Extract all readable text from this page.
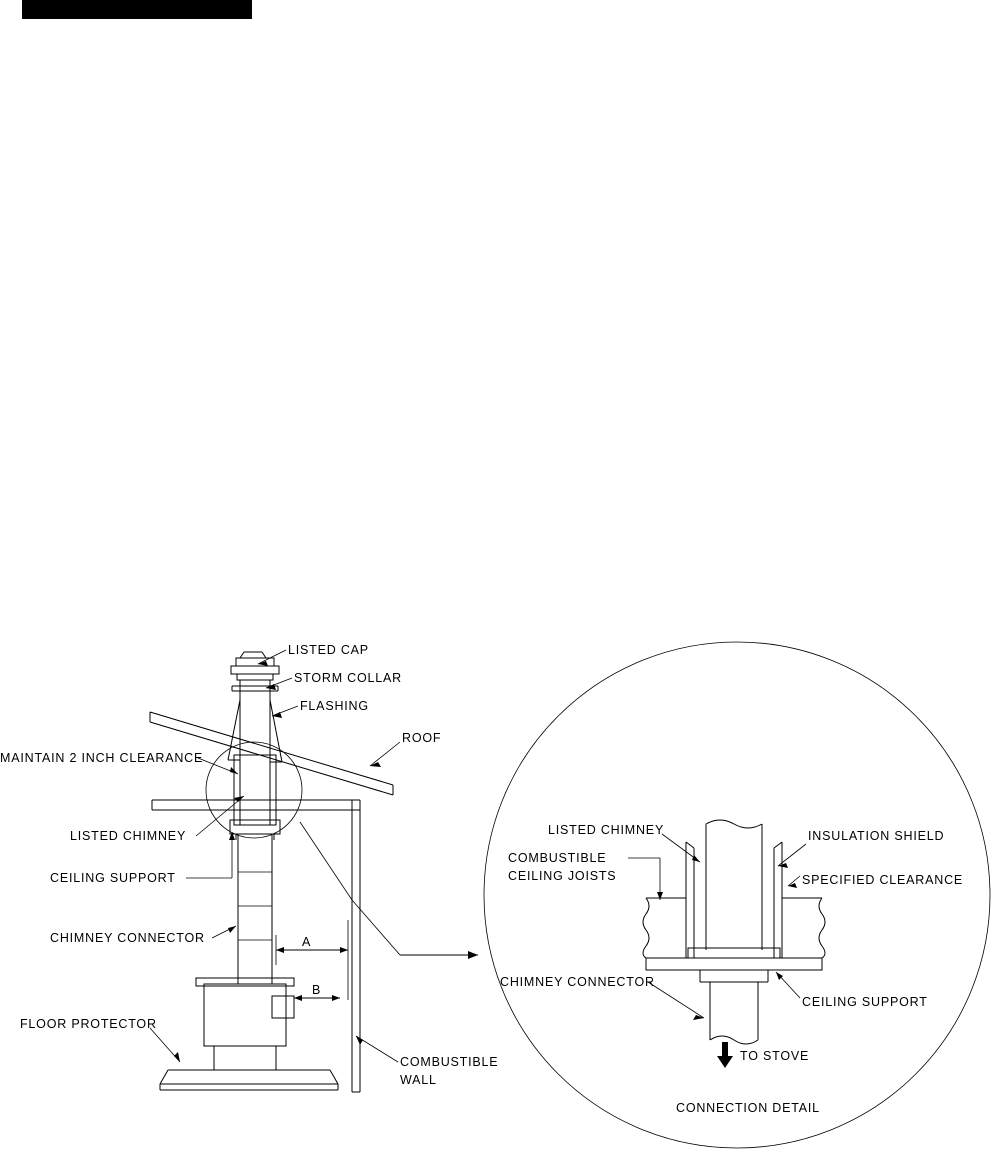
LISTED CAP
STORM COLLAR
FLASHING
ROOF
MAINTAIN 2 INCH CLEARANCE
LISTED CHIMNEY
CEILING SUPPORT
CHIMNEY CONNECTOR
FLOOR PROTECTOR
COMBUSTIBLE
WALL
A
B
LISTED CHIMNEY	INSULATION SHIELD
COMBUSTIBLE
CEILING JOISTS	SPECIFIED CLEARANCE
CHIMNEY CONNECTOR
CEILING SUPPORT
TO STOVE
CONNECTION DETAIL
